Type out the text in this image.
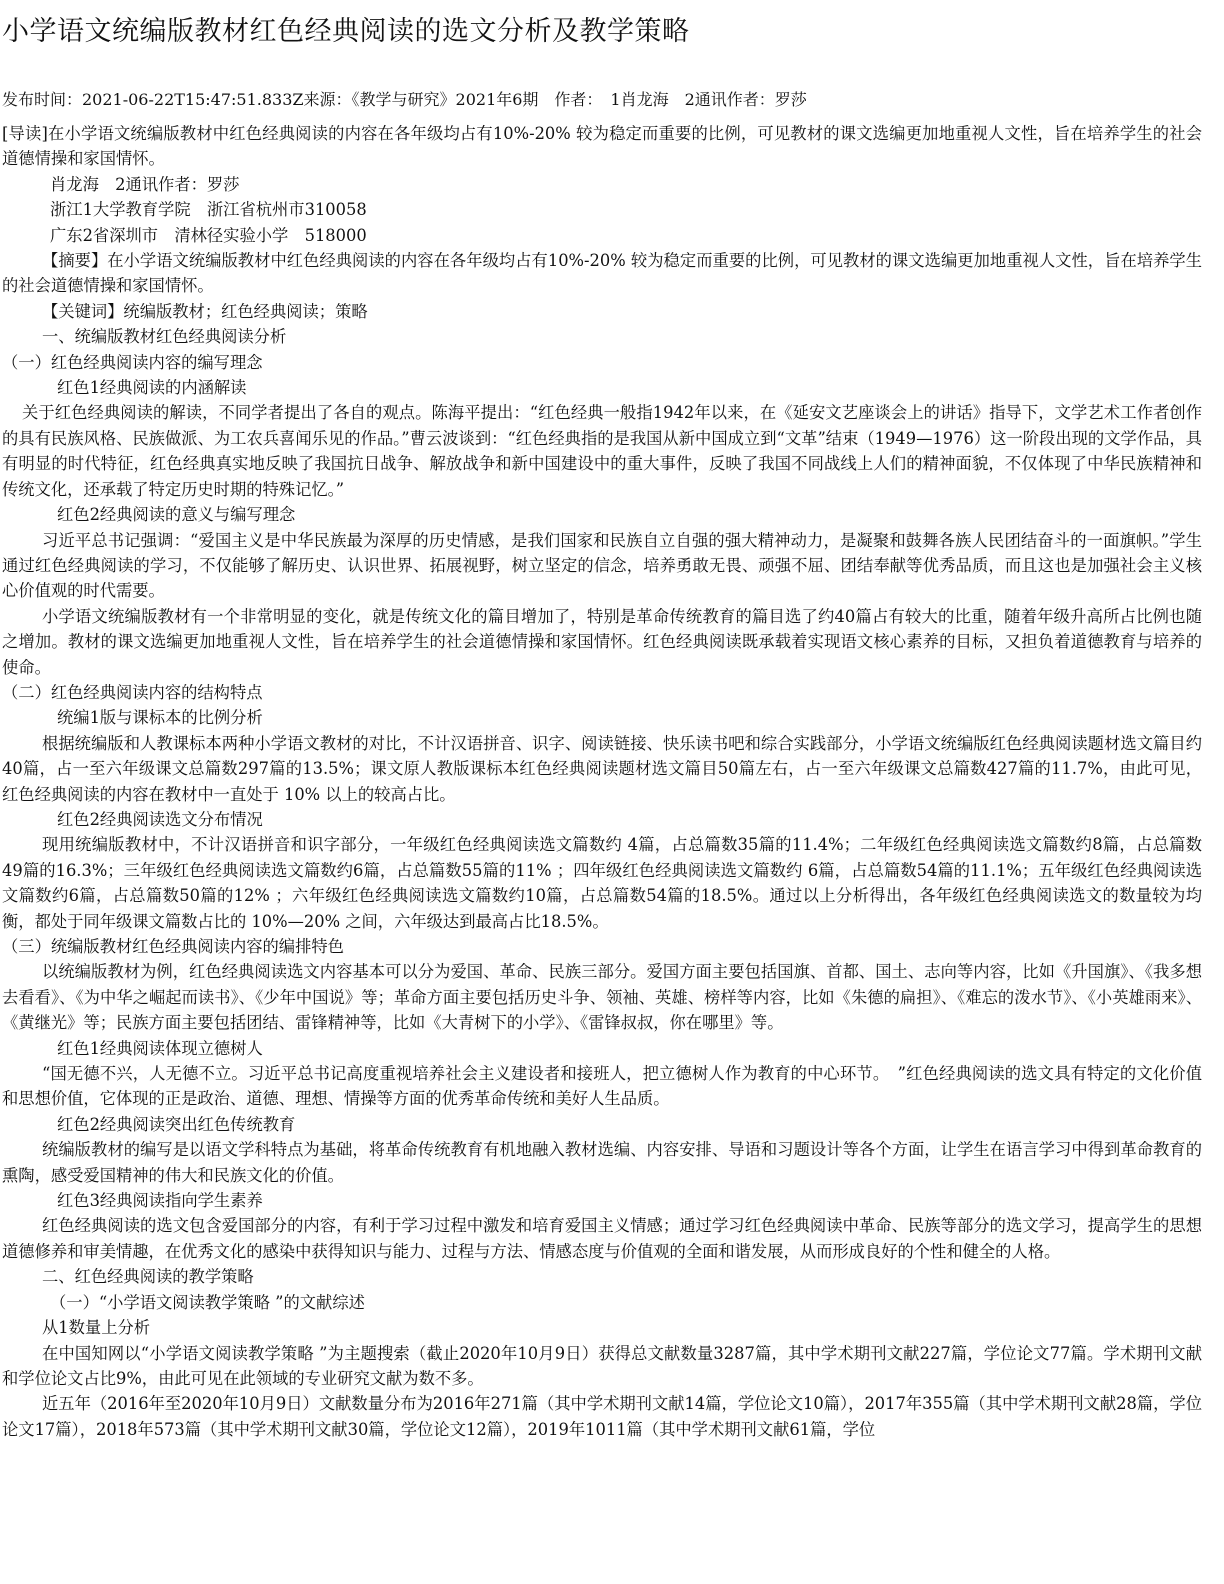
小学语文统编版教材红色经典阅读的选文分析及教学策略
发布时间：2021-06-22T15:47:51.833Z来源：《教学与研究》2021年6期　作者：　1肖龙海　2通讯作者：罗莎

[导读]在小学语文统编版教材中红色经典阅读的内容在各年级均占有10%-20% 较为稳定而重要的比例，可见教材的课文选编更加地重视人文性，旨在培养学生的社会道德情操和家国情怀。

肖龙海　2通讯作者：罗莎

浙江1大学教育学院　浙江省杭州市310058

广东2省深圳市　清林径实验小学　518000

【摘要】在小学语文统编版教材中红色经典阅读的内容在各年级均占有10%-20% 较为稳定而重要的比例，可见教材的课文选编更加地重视人文性，旨在培养学生的社会道德情操和家国情怀。

【关键词】统编版教材；红色经典阅读；策略

一、统编版教材红色经典阅读分析

（一）红色经典阅读内容的编写理念

红色1经典阅读的内涵解读

关于红色经典阅读的解读，不同学者提出了各自的观点。陈海平提出：“红色经典一般指1942年以来，在《延安文艺座谈会上的讲话》指导下，文学艺术工作者创作的具有民族风格、民族做派、为工农兵喜闻乐见的作品。”曹云波谈到：“红色经典指的是我国从新中国成立到“文革”结束（1949—1976）这一阶段出现的文学作品，具有明显的时代特征，红色经典真实地反映了我国抗日战争、解放战争和新中国建设中的重大事件，反映了我国不同战线上人们的精神面貌，不仅体现了中华民族精神和传统文化，还承载了特定历史时期的特殊记忆。”

红色2经典阅读的意义与编写理念

习近平总书记强调：“爱国主义是中华民族最为深厚的历史情感，是我们国家和民族自立自强的强大精神动力，是凝聚和鼓舞各族人民团结奋斗的一面旗帜。”学生通过红色经典阅读的学习，不仅能够了解历史、认识世界、拓展视野，树立坚定的信念，培养勇敢无畏、顽强不屈、团结奉献等优秀品质，而且这也是加强社会主义核心价值观的时代需要。

小学语文统编版教材有一个非常明显的变化，就是传统文化的篇目增加了，特别是革命传统教育的篇目选了约40篇占有较大的比重，随着年级升高所占比例也随之增加。教材的课文选编更加地重视人文性，旨在培养学生的社会道德情操和家国情怀。红色经典阅读既承载着实现语文核心素养的目标，又担负着道德教育与培养的使命。

（二）红色经典阅读内容的结构特点

统编1版与课标本的比例分析

根据统编版和人教课标本两种小学语文教材的对比，不计汉语拼音、识字、阅读链接、快乐读书吧和综合实践部分，小学语文统编版红色经典阅读题材选文篇目约40篇，占一至六年级课文总篇数297篇的13.5%；课文原人教版课标本红色经典阅读题材选文篇目50篇左右，占一至六年级课文总篇数427篇的11.7%，由此可见，红色经典阅读的内容在教材中一直处于 10% 以上的较高占比。

红色2经典阅读选文分布情况

现用统编版教材中，不计汉语拼音和识字部分，一年级红色经典阅读选文篇数约 4篇，占总篇数35篇的11.4%；二年级红色经典阅读选文篇数约8篇，占总篇数49篇的16.3%；三年级红色经典阅读选文篇数约6篇，占总篇数55篇的11% ；四年级红色经典阅读选文篇数约 6篇，占总篇数54篇的11.1%；五年级红色经典阅读选文篇数约6篇，占总篇数50篇的12% ；六年级红色经典阅读选文篇数约10篇，占总篇数54篇的18.5%。通过以上分析得出，各年级红色经典阅读选文的数量较为均衡，都处于同年级课文篇数占比的 10%—20% 之间，六年级达到最高占比18.5%。

（三）统编版教材红色经典阅读内容的编排特色

以统编版教材为例，红色经典阅读选文内容基本可以分为爱国、革命、民族三部分。爱国方面主要包括国旗、首都、国土、志向等内容，比如《升国旗》、《我多想去看看》、《为中华之崛起而读书》、《少年中国说》等；革命方面主要包括历史斗争、领袖、英雄、榜样等内容，比如《朱德的扁担》、《难忘的泼水节》、《小英雄雨来》、《黄继光》等；民族方面主要包括团结、雷锋精神等，比如《大青树下的小学》、《雷锋叔叔，你在哪里》等。

红色1经典阅读体现立德树人

“国无德不兴，人无德不立。习近平总书记高度重视培养社会主义建设者和接班人，把立德树人作为教育的中心环节。　”红色经典阅读的选文具有特定的文化价值和思想价值，它体现的正是政治、道德、理想、情操等方面的优秀革命传统和美好人生品质。

红色2经典阅读突出红色传统教育

统编版教材的编写是以语文学科特点为基础，将革命传统教育有机地融入教材选编、内容安排、导语和习题设计等各个方面，让学生在语言学习中得到革命教育的熏陶，感受爱国精神的伟大和民族文化的价值。

红色3经典阅读指向学生素养

红色经典阅读的选文包含爱国部分的内容，有利于学习过程中激发和培育爱国主义情感；通过学习红色经典阅读中革命、民族等部分的选文学习，提高学生的思想道德修养和审美情趣，在优秀文化的感染中获得知识与能力、过程与方法、情感态度与价值观的全面和谐发展，从而形成良好的个性和健全的人格。

二、红色经典阅读的教学策略

（一）“小学语文阅读教学策略 ”的文献综述

从1数量上分析

在中国知网以“小学语文阅读教学策略 ”为主题搜索（截止2020年10月9日）获得总文献数量3287篇，其中学术期刊文献227篇，学位论文77篇。学术期刊文献和学位论文占比9%，由此可见在此领域的专业研究文献为数不多。

近五年（2016年至2020年10月9日）文献数量分布为2016年271篇（其中学术期刊文献14篇，学位论文10篇），2017年355篇（其中学术期刊文献28篇，学位论文17篇），2018年573篇（其中学术期刊文献30篇，学位论文12篇），2019年1011篇（其中学术期刊文献61篇，学位
